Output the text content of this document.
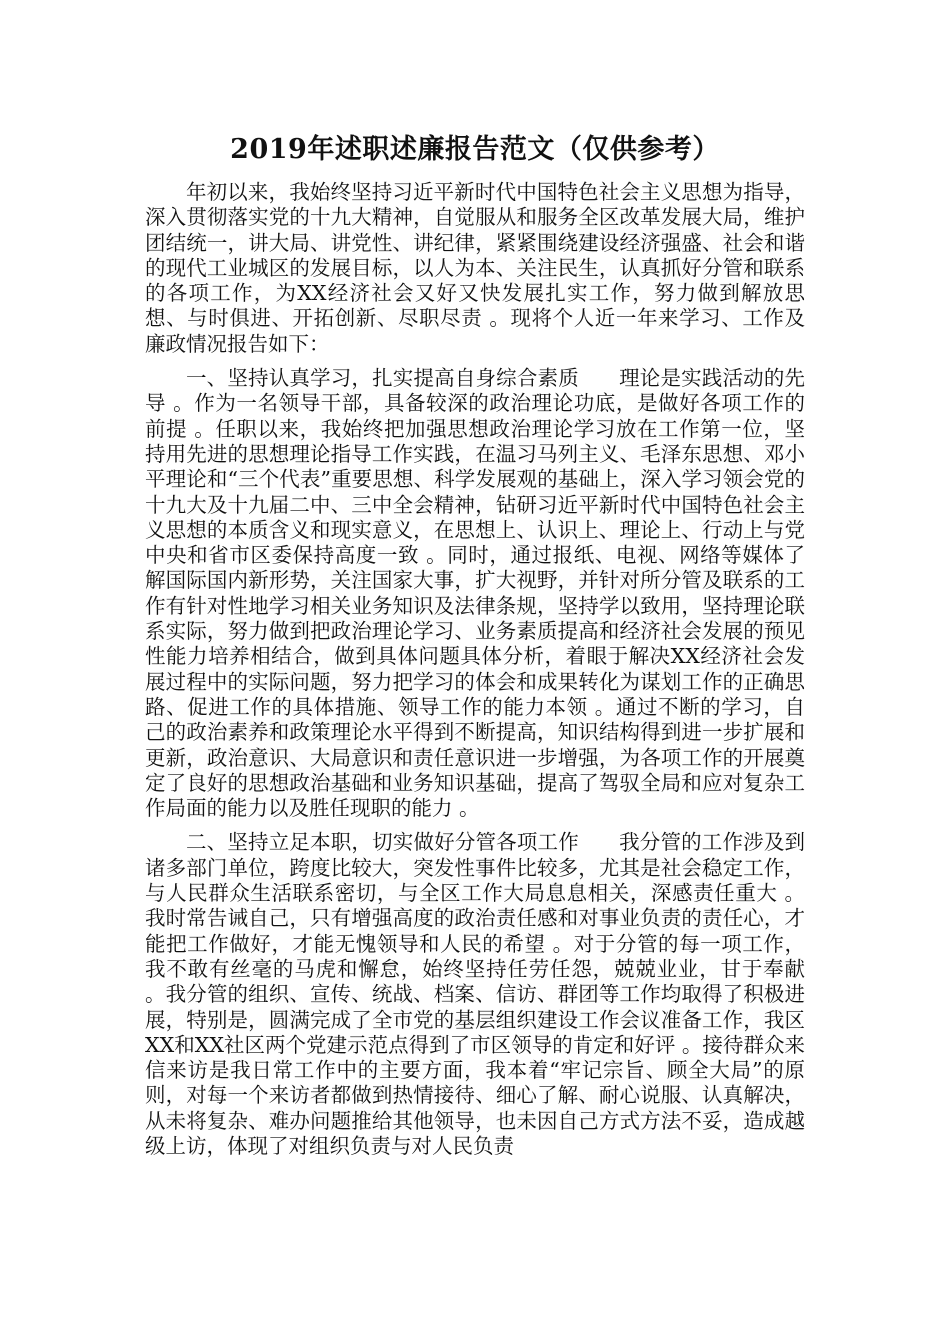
2019年述职述廉报告范文（仅供参考）

年初以来，我始终坚持习近平新时代中国特色社会主义思想为指导，深入贯彻落实党的十九大精神，自觉服从和服务全区改革发展大局，维护团结统一，讲大局、讲党性、讲纪律，紧紧围绕建设经济强盛、社会和谐的现代工业城区的发展目标，以人为本、关注民生，认真抓好分管和联系的各项工作，为XX经济社会又好又快发展扎实工作，努力做到解放思想、与时俱进、开拓创新、尽职尽责 。现将个人近一年来学习、工作及廉政情况报告如下：

一、坚持认真学习，扎实提高自身综合素质 理论是实践活动的先导 。作为一名领导干部，具备较深的政治理论功底，是做好各项工作的前提 。任职以来，我始终把加强思想政治理论学习放在工作第一位，坚持用先进的思想理论指导工作实践，在温习马列主义、毛泽东思想、邓小平理论和“三个代表”重要思想、科学发展观的基础上，深入学习领会党的十九大及十九届二中、三中全会精神，钻研习近平新时代中国特色社会主义思想的本质含义和现实意义，在思想上、认识上、理论上、行动上与党中央和省市区委保持高度一致 。同时，通过报纸、电视、网络等媒体了解国际国内新形势，关注国家大事，扩大视野，并针对所分管及联系的工作有针对性地学习相关业务知识及法律条规，坚持学以致用，坚持理论联系实际，努力做到把政治理论学习、业务素质提高和经济社会发展的预见性能力培养相结合，做到具体问题具体分析，着眼于解决XX经济社会发展过程中的实际问题，努力把学习的体会和成果转化为谋划工作的正确思路、促进工作的具体措施、领导工作的能力本领 。通过不断的学习，自己的政治素养和政策理论水平得到不断提高，知识结构得到进一步扩展和更新，政治意识、大局意识和责任意识进一步增强，为各项工作的开展奠定了良好的思想政治基础和业务知识基础，提高了驾驭全局和应对复杂工作局面的能力以及胜任现职的能力 。

二、坚持立足本职，切实做好分管各项工作 我分管的工作涉及到诸多部门单位，跨度比较大，突发性事件比较多，尤其是社会稳定工作，与人民群众生活联系密切，与全区工作大局息息相关，深感责任重大 。我时常告诫自己，只有增强高度的政治责任感和对事业负责的责任心，才能把工作做好，才能无愧领导和人民的希望 。对于分管的每一项工作，我不敢有丝毫的马虎和懈怠，始终坚持任劳任怨，兢兢业业，甘于奉献 。我分管的组织、宣传、统战、档案、信访、群团等工作均取得了积极进展，特别是，圆满完成了全市党的基层组织建设工作会议准备工作，我区XX和XX社区两个党建示范点得到了市区领导的肯定和好评 。接待群众来信来访是我日常工作中的主要方面，我本着“牢记宗旨、顾全大局”的原则，对每一个来访者都做到热情接待、细心了解、耐心说服、认真解决，从未将复杂、难办问题推给其他领导，也未因自己方式方法不妥，造成越级上访，体现了对组织负责与对人民负责
